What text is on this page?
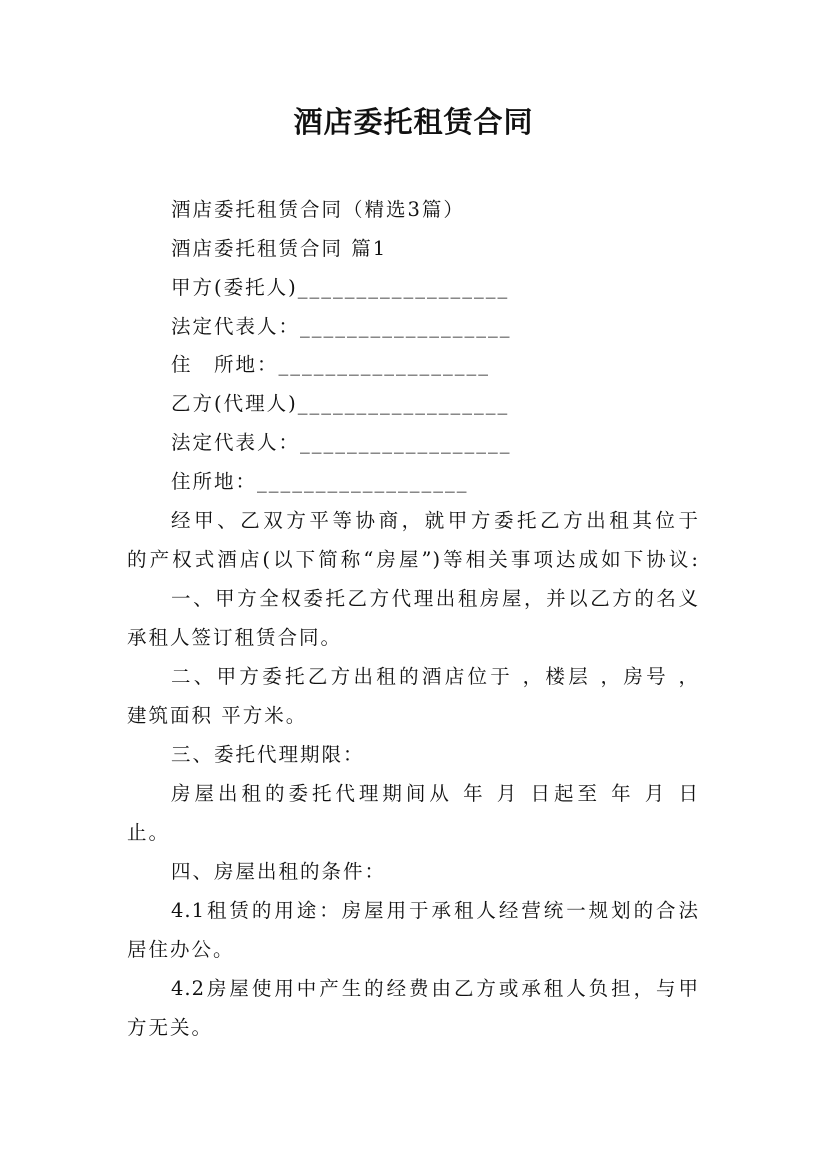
酒店委托租赁合同
酒店委托租赁合同（精选3篇）
酒店委托租赁合同 篇1
甲方(委托人)__________________
法定代表人：__________________
住　所地：__________________
乙方(代理人)__________________
法定代表人：__________________
住所地：__________________
经甲、乙双方平等协商，就甲方委托乙方出租其位于
的产权式酒店(以下简称“房屋”)等相关事项达成如下协议:
一、甲方全权委托乙方代理出租房屋，并以乙方的名义
承租人签订租赁合同。
二、甲方委托乙方出租的酒店位于 ，楼层 ，房号 ，
建筑面积 平方米。
三、委托代理期限：
房屋出租的委托代理期间从 年 月 日起至 年 月 日
止。
四、房屋出租的条件：
4.1租赁的用途：房屋用于承租人经营统一规划的合法
居住办公。
4.2房屋使用中产生的经费由乙方或承租人负担，与甲
方无关。
